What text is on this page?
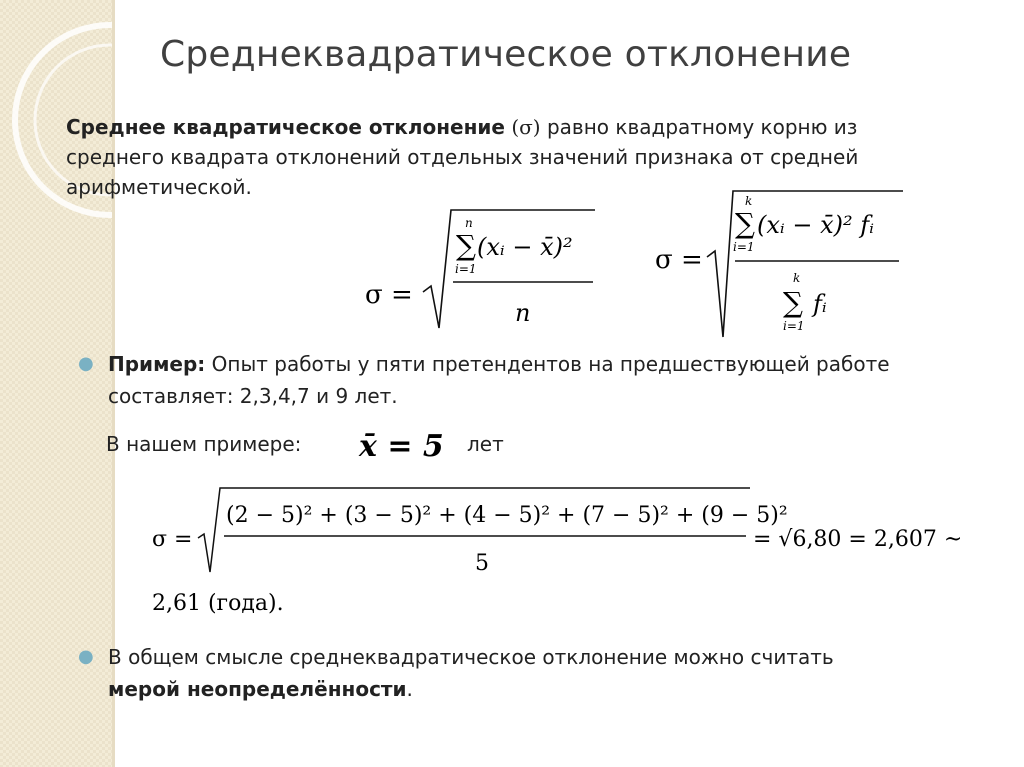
Среднеквадратическое отклонение
Среднее квадратическое отклонение (σ) равно квадратному корню из
среднего квадрата отклонений отдельных значений признака от средней
арифметической.
σ =
n
∑
i=1
(xᵢ − x̄)²
n
σ =
k
∑
i=1
(xᵢ − x̄)² fᵢ
k
∑
i=1
fᵢ
● Пример: Опыт работы у пяти претендентов на предшествующей работе
составляет: 2,3,4,7 и 9 лет.
В нашем примере: x̄ = 5 лет
σ =
(2 − 5)² + (3 − 5)² + (4 − 5)² + (7 − 5)² + (9 − 5)²
5
= √6,80 = 2,607 ~
2,61 (года).
● В общем смысле среднеквадратическое отклонение можно считать
мерой неопределённости.
